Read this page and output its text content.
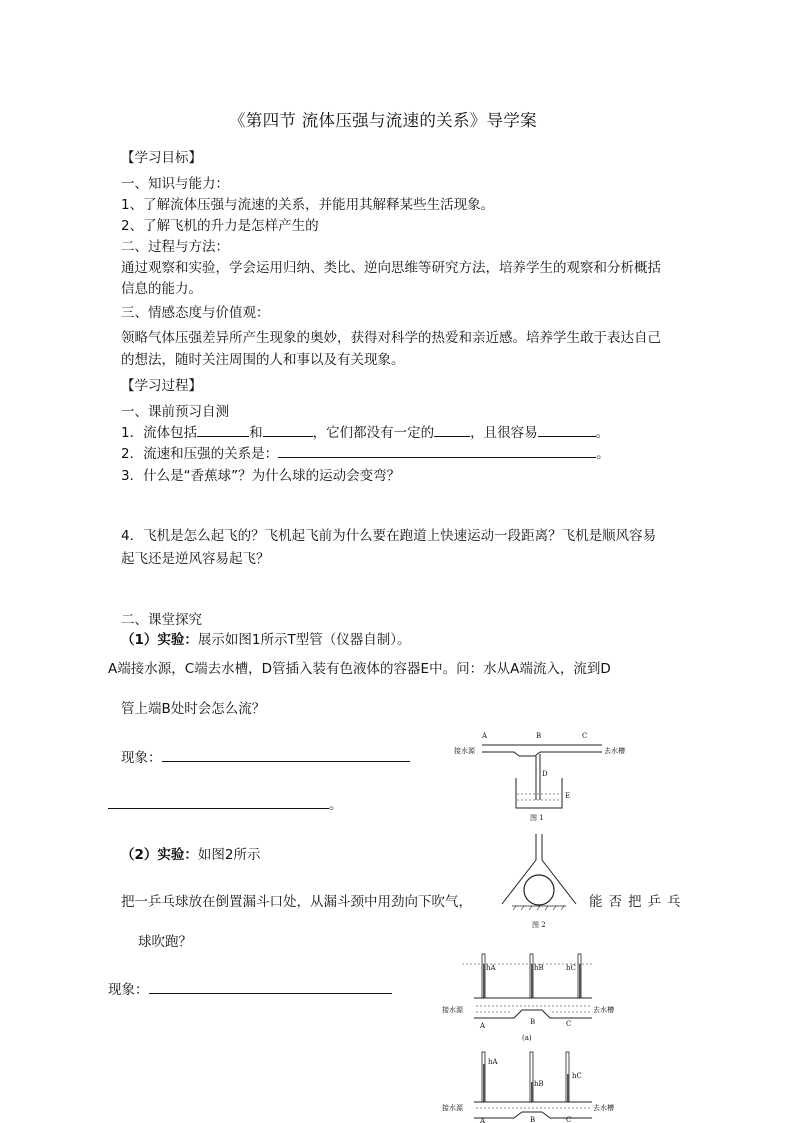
《第四节 流体压强与流速的关系》导学案
【学习目标】
一、知识与能力：
1、了解流体压强与流速的关系，并能用其解释某些生活现象。
2、了解飞机的升力是怎样产生的
二、过程与方法：
通过观察和实验，学会运用归纳、类比、逆向思维等研究方法，培养学生的观察和分析概括
信息的能力。
三、情感态度与价值观：
领略气体压强差异所产生现象的奥妙，获得对科学的热爱和亲近感。培养学生敢于表达自己
的想法，随时关注周围的人和事以及有关现象。
【学习过程】
一、课前预习自测
1．流体包括	和	，它们都没有一定的	，且很容易	。
2．流速和压强的关系是：	。
3．什么是“香蕉球”？为什么球的运动会变弯？
4．飞机是怎么起飞的？飞机起飞前为什么要在跑道上快速运动一段距离？飞机是顺风容易
起飞还是逆风容易起飞？
二、课堂探究
（1）实验：展示如图1所示T型管（仪器自制）。
A端接水源，C端去水槽，D管插入装有色液体的容器E中。问：水从A端流入，流到D
管上端B处时会怎么流？
现象：
。
（2）实验：如图2所示
把一乒乓球放在倒置漏斗口处，从漏斗颈中用劲向下吹气，	能否把乒乓
球吹跑？
现象：
A	B	C
D
E
接水源	去水槽
图 1
图 2
hA	hB	hC
接水源	去水槽
A	B	C
(a)
hA
hB
hC
接水源	去水槽
A	B	C
